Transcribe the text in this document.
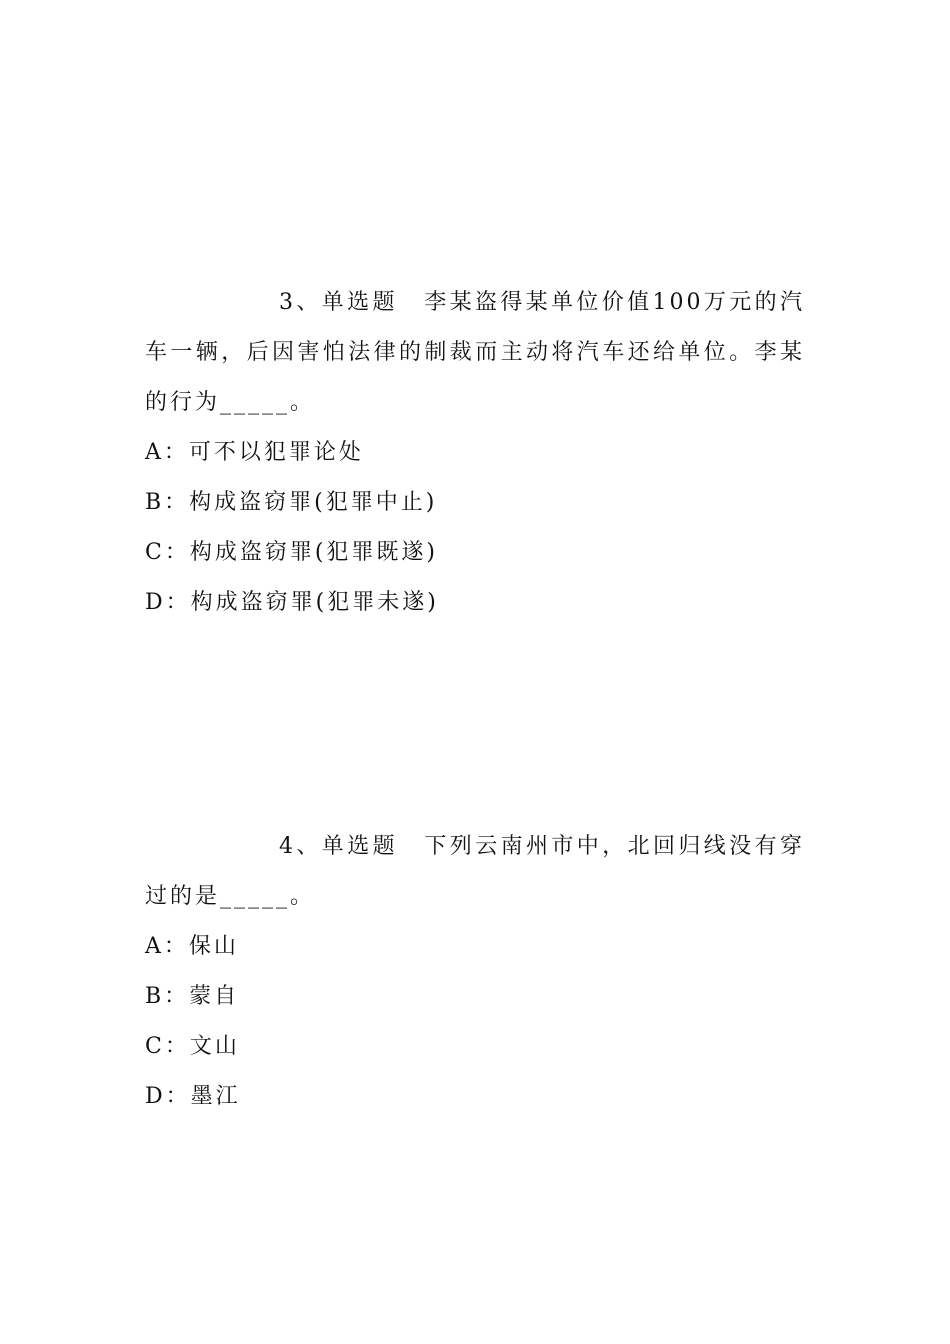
3、单选题 李某盗得某单位价值100万元的汽车一辆，后因害怕法律的制裁而主动将汽车还给单位。李某的行为_____。

A：可不以犯罪论处
B：构成盗窃罪(犯罪中止)
C：构成盗窃罪(犯罪既遂)
D：构成盗窃罪(犯罪未遂)

4、单选题 下列云南州市中，北回归线没有穿过的是_____。

A：保山
B：蒙自
C：文山
D：墨江
